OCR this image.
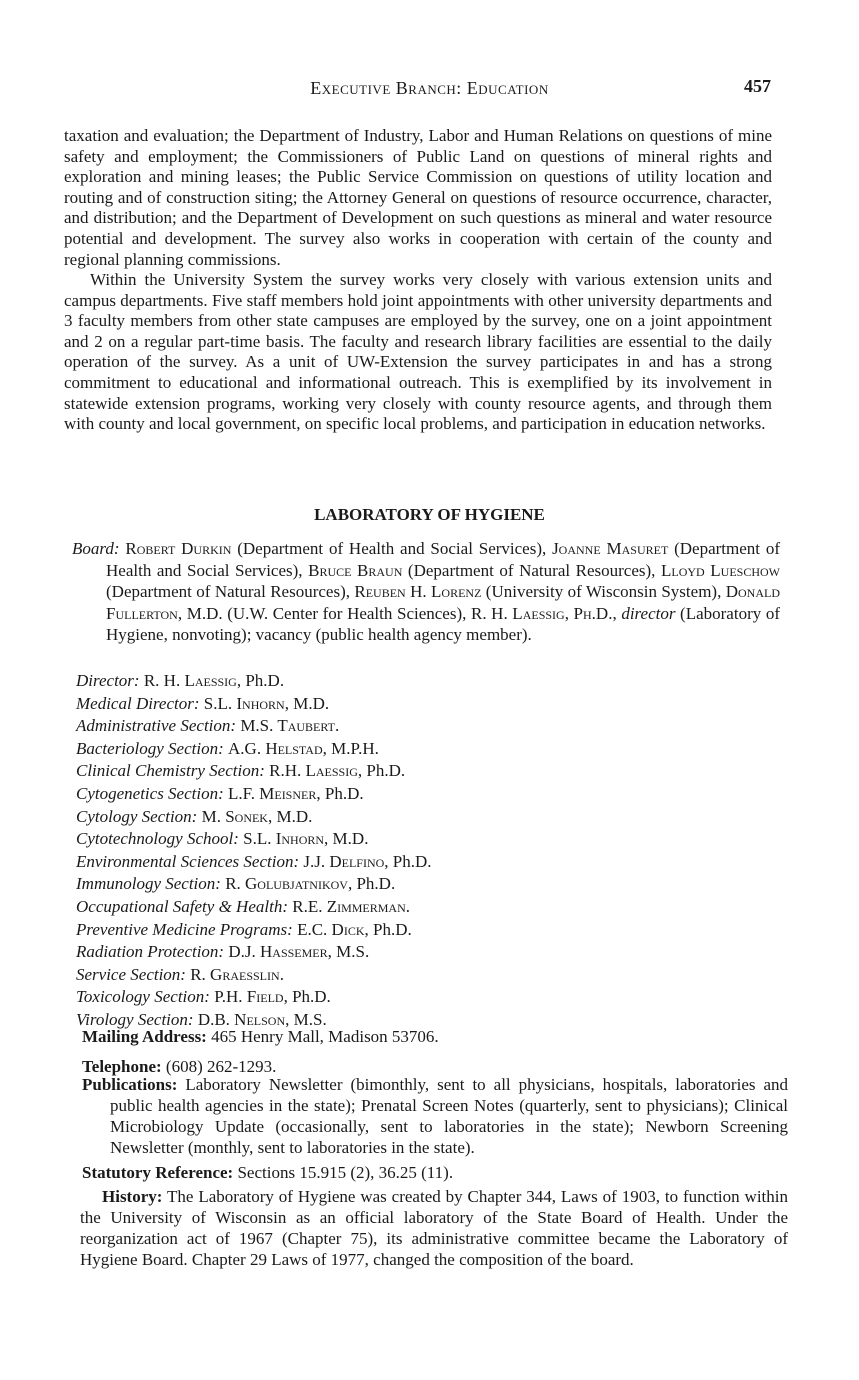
Executive Branch: Education	457

taxation and evaluation; the Department of Industry, Labor and Human Relations on questions of mine safety and employment; the Commissioners of Public Land on questions of mineral rights and exploration and mining leases; the Public Service Commission on questions of utility location and routing and of construction siting; the Attorney General on questions of resource occurrence, character, and distribution; and the Department of Development on such questions as mineral and water resource potential and development. The survey also works in cooperation with certain of the county and regional planning commissions.

Within the University System the survey works very closely with various extension units and campus departments. Five staff members hold joint appointments with other university departments and 3 faculty members from other state campuses are employed by the survey, one on a joint appointment and 2 on a regular part-time basis. The faculty and research library facilities are essential to the daily operation of the survey. As a unit of UW-Extension the survey participates in and has a strong commitment to educational and informational outreach. This is exemplified by its involvement in statewide extension programs, working very closely with county resource agents, and through them with county and local government, on specific local problems, and participation in education networks.

LABORATORY OF HYGIENE
Board: Robert Durkin (Department of Health and Social Services), Joanne Masuret (Department of Health and Social Services), Bruce Braun (Department of Natural Resources), Lloyd Lueschow (Department of Natural Resources), Reuben H. Lorenz (University of Wisconsin System), Donald Fullerton, M.D. (U.W. Center for Health Sciences), R. H. Laessig, Ph.D., director (Laboratory of Hygiene, nonvoting); vacancy (public health agency member).
Director: R. H. Laessig, Ph.D.
Medical Director: S.L. Inhorn, M.D.
Administrative Section: M.S. Taubert.
Bacteriology Section: A.G. Helstad, M.P.H.
Clinical Chemistry Section: R.H. Laessig, Ph.D.
Cytogenetics Section: L.F. Meisner, Ph.D.
Cytology Section: M. Sonek, M.D.
Cytotechnology School: S.L. Inhorn, M.D.
Environmental Sciences Section: J.J. Delfino, Ph.D.
Immunology Section: R. Golubjatnikov, Ph.D.
Occupational Safety & Health: R.E. Zimmerman.
Preventive Medicine Programs: E.C. Dick, Ph.D.
Radiation Protection: D.J. Hassemer, M.S.
Service Section: R. Graesslin.
Toxicology Section: P.H. Field, Ph.D.
Virology Section: D.B. Nelson, M.S.
Mailing Address: 465 Henry Mall, Madison 53706.
Telephone: (608) 262-1293.
Publications: Laboratory Newsletter (bimonthly, sent to all physicians, hospitals, laboratories and public health agencies in the state); Prenatal Screen Notes (quarterly, sent to physicians); Clinical Microbiology Update (occasionally, sent to laboratories in the state); Newborn Screening Newsletter (monthly, sent to laboratories in the state).
Statutory Reference: Sections 15.915 (2), 36.25 (11).
History: The Laboratory of Hygiene was created by Chapter 344, Laws of 1903, to function within the University of Wisconsin as an official laboratory of the State Board of Health. Under the reorganization act of 1967 (Chapter 75), its administrative committee became the Laboratory of Hygiene Board. Chapter 29 Laws of 1977, changed the composition of the board.
